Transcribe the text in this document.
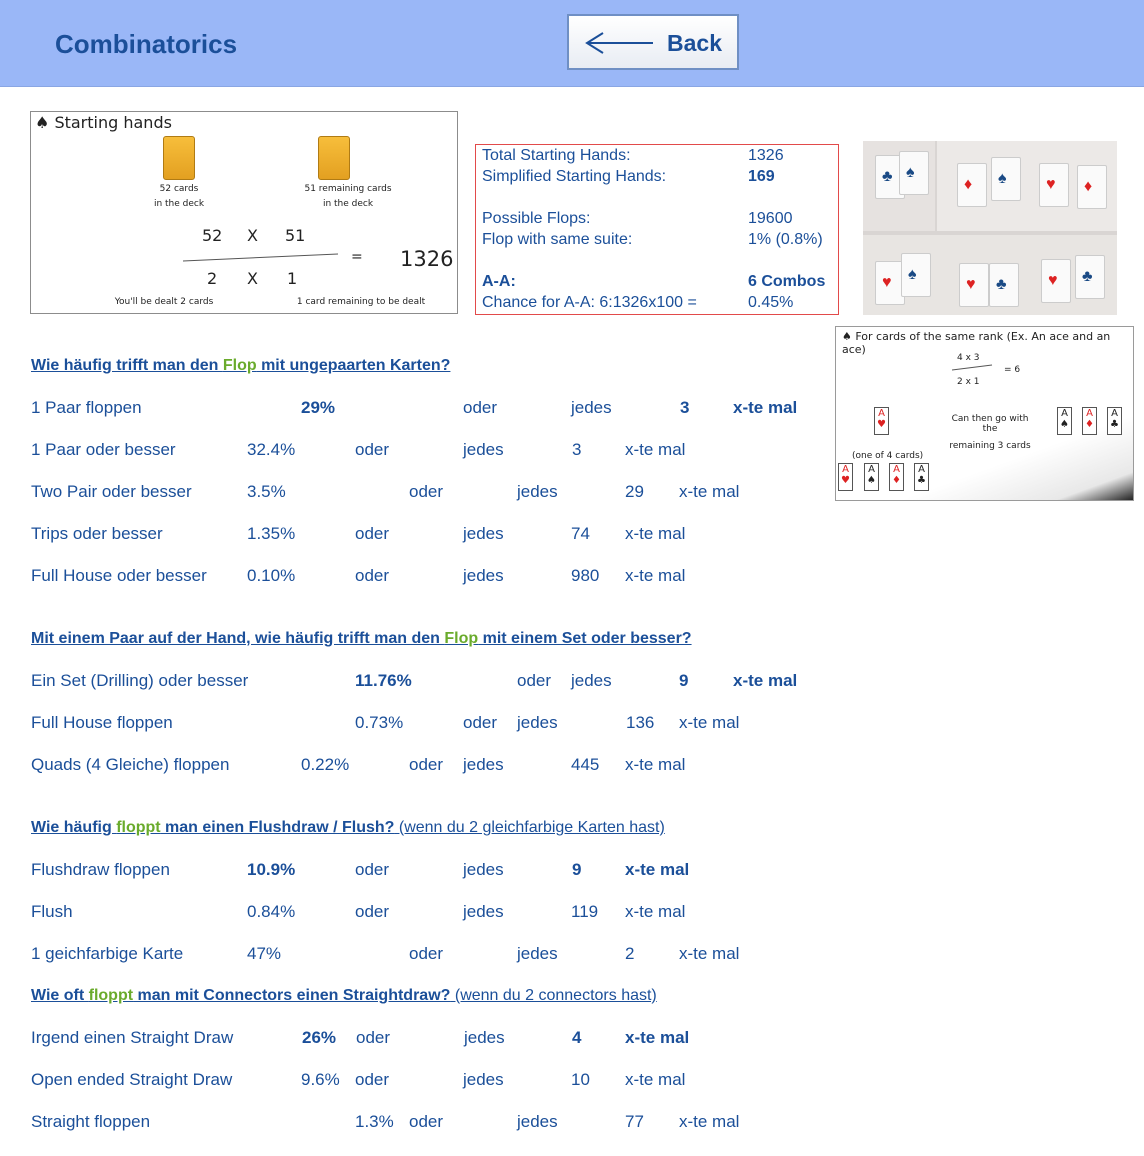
Combinatorics	Back
♠ Starting hands
52 cards
in the deck
51 remaining cards
in the deck
52 X 51
2 X 1
= 1326
You'll be dealt 2 cards	1 card remaining to be dealt
Total Starting Hands:	1326
Simplified Starting Hands:	169
Possible Flops:	19600
Flop with same suite:	1% (0.8%)
A-A:	6 Combos
Chance for A-A: 6:1326x100 =	0.45%
♣ ♠
♦ ♠ ♥ ♦
♥ ♠
♥ ♣	♥ ♣
♠ For cards of the same rank (Ex. An ace and an ace)
4 x 3
2 x 1
= 6
A
♥	Can then go with the
remaining 3 cards
A
♠
A
♦
A
♣
(one of 4 cards)
A
♥
A
♠
A
♦
A
♣
Wie häufig trifft man den Flop mit ungepaarten Karten?
1 Paar floppen	29%	oder	jedes	3	x-te mal
1 Paar oder besser	32.4%	oder	jedes	3	x-te mal
Two Pair oder besser	3.5%	oder	jedes	29 x-te mal
Trips oder besser	1.35%	oder	jedes	74 x-te mal
Full House oder besser 0.10%	oder	jedes	980 x-te mal
Mit einem Paar auf der Hand, wie häufig trifft man den Flop mit einem Set oder besser?
Ein Set (Drilling) oder besser	11.76%	oder jedes	9	x-te mal
Full House floppen	0.73%	oder jedes	136 x-te mal
Quads (4 Gleiche) floppen	0.22%	oder jedes	445 x-te mal
Wie häufig floppt man einen Flushdraw / Flush? (wenn du 2 gleichfarbige Karten hast)
Flushdraw floppen	10.9%	oder	jedes	9	x-te mal
Flush	0.84%	oder	jedes	119 x-te mal
1 geichfarbige Karte	47%	oder	jedes	2	x-te mal
Wie oft floppt man mit Connectors einen Straightdraw? (wenn du 2 connectors hast)
Irgend einen Straight Draw	26% oder	jedes	4	x-te mal
Open ended Straight Draw	9.6% oder	jedes	10 x-te mal
Straight floppen	1.3% oder	jedes	77 x-te mal
